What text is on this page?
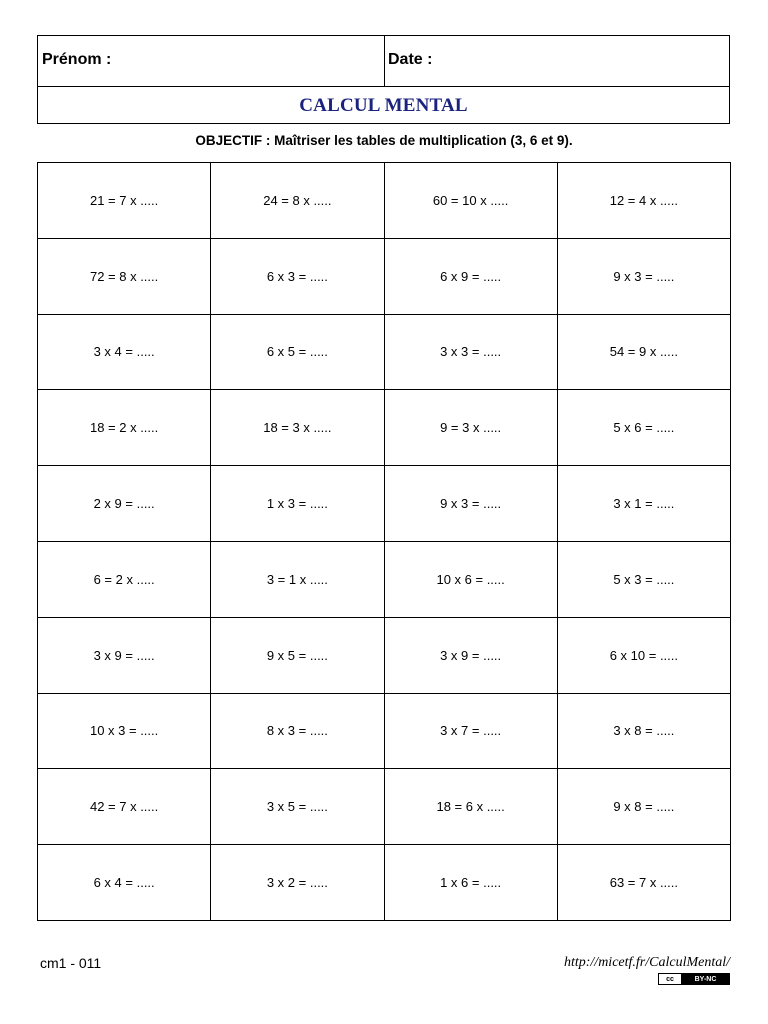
Prénom :	Date :
CALCUL MENTAL
OBJECTIF : Maîtriser les tables de multiplication (3, 6 et 9).
21 = 7 x .....	24 = 8 x .....	60 = 10 x .....	12 = 4 x .....
72 = 8 x .....	6 x 3 = .....	6 x 9 = .....	9 x 3 = .....
3 x 4 = .....	6 x 5 = .....	3 x 3 = .....	54 = 9 x .....
18 = 2 x .....	18 = 3 x .....	9 = 3 x .....	5 x 6 = .....
2 x 9 = .....	1 x 3 = .....	9 x 3 = .....	3 x 1 = .....
6 = 2 x .....	3 = 1 x .....	10 x 6 = .....	5 x 3 = .....
3 x 9 = .....	9 x 5 = .....	3 x 9 = .....	6 x 10 = .....
10 x 3 = .....	8 x 3 = .....	3 x 7 = .....	3 x 8 = .....
42 = 7 x .....	3 x 5 = .....	18 = 6 x .....	9 x 8 = .....
6 x 4 = .....	3 x 2 = .....	1 x 6 = .....	63 = 7 x .....
cm1 - 011	http://micetf.fr/CalculMental/
cc	BY-NC
